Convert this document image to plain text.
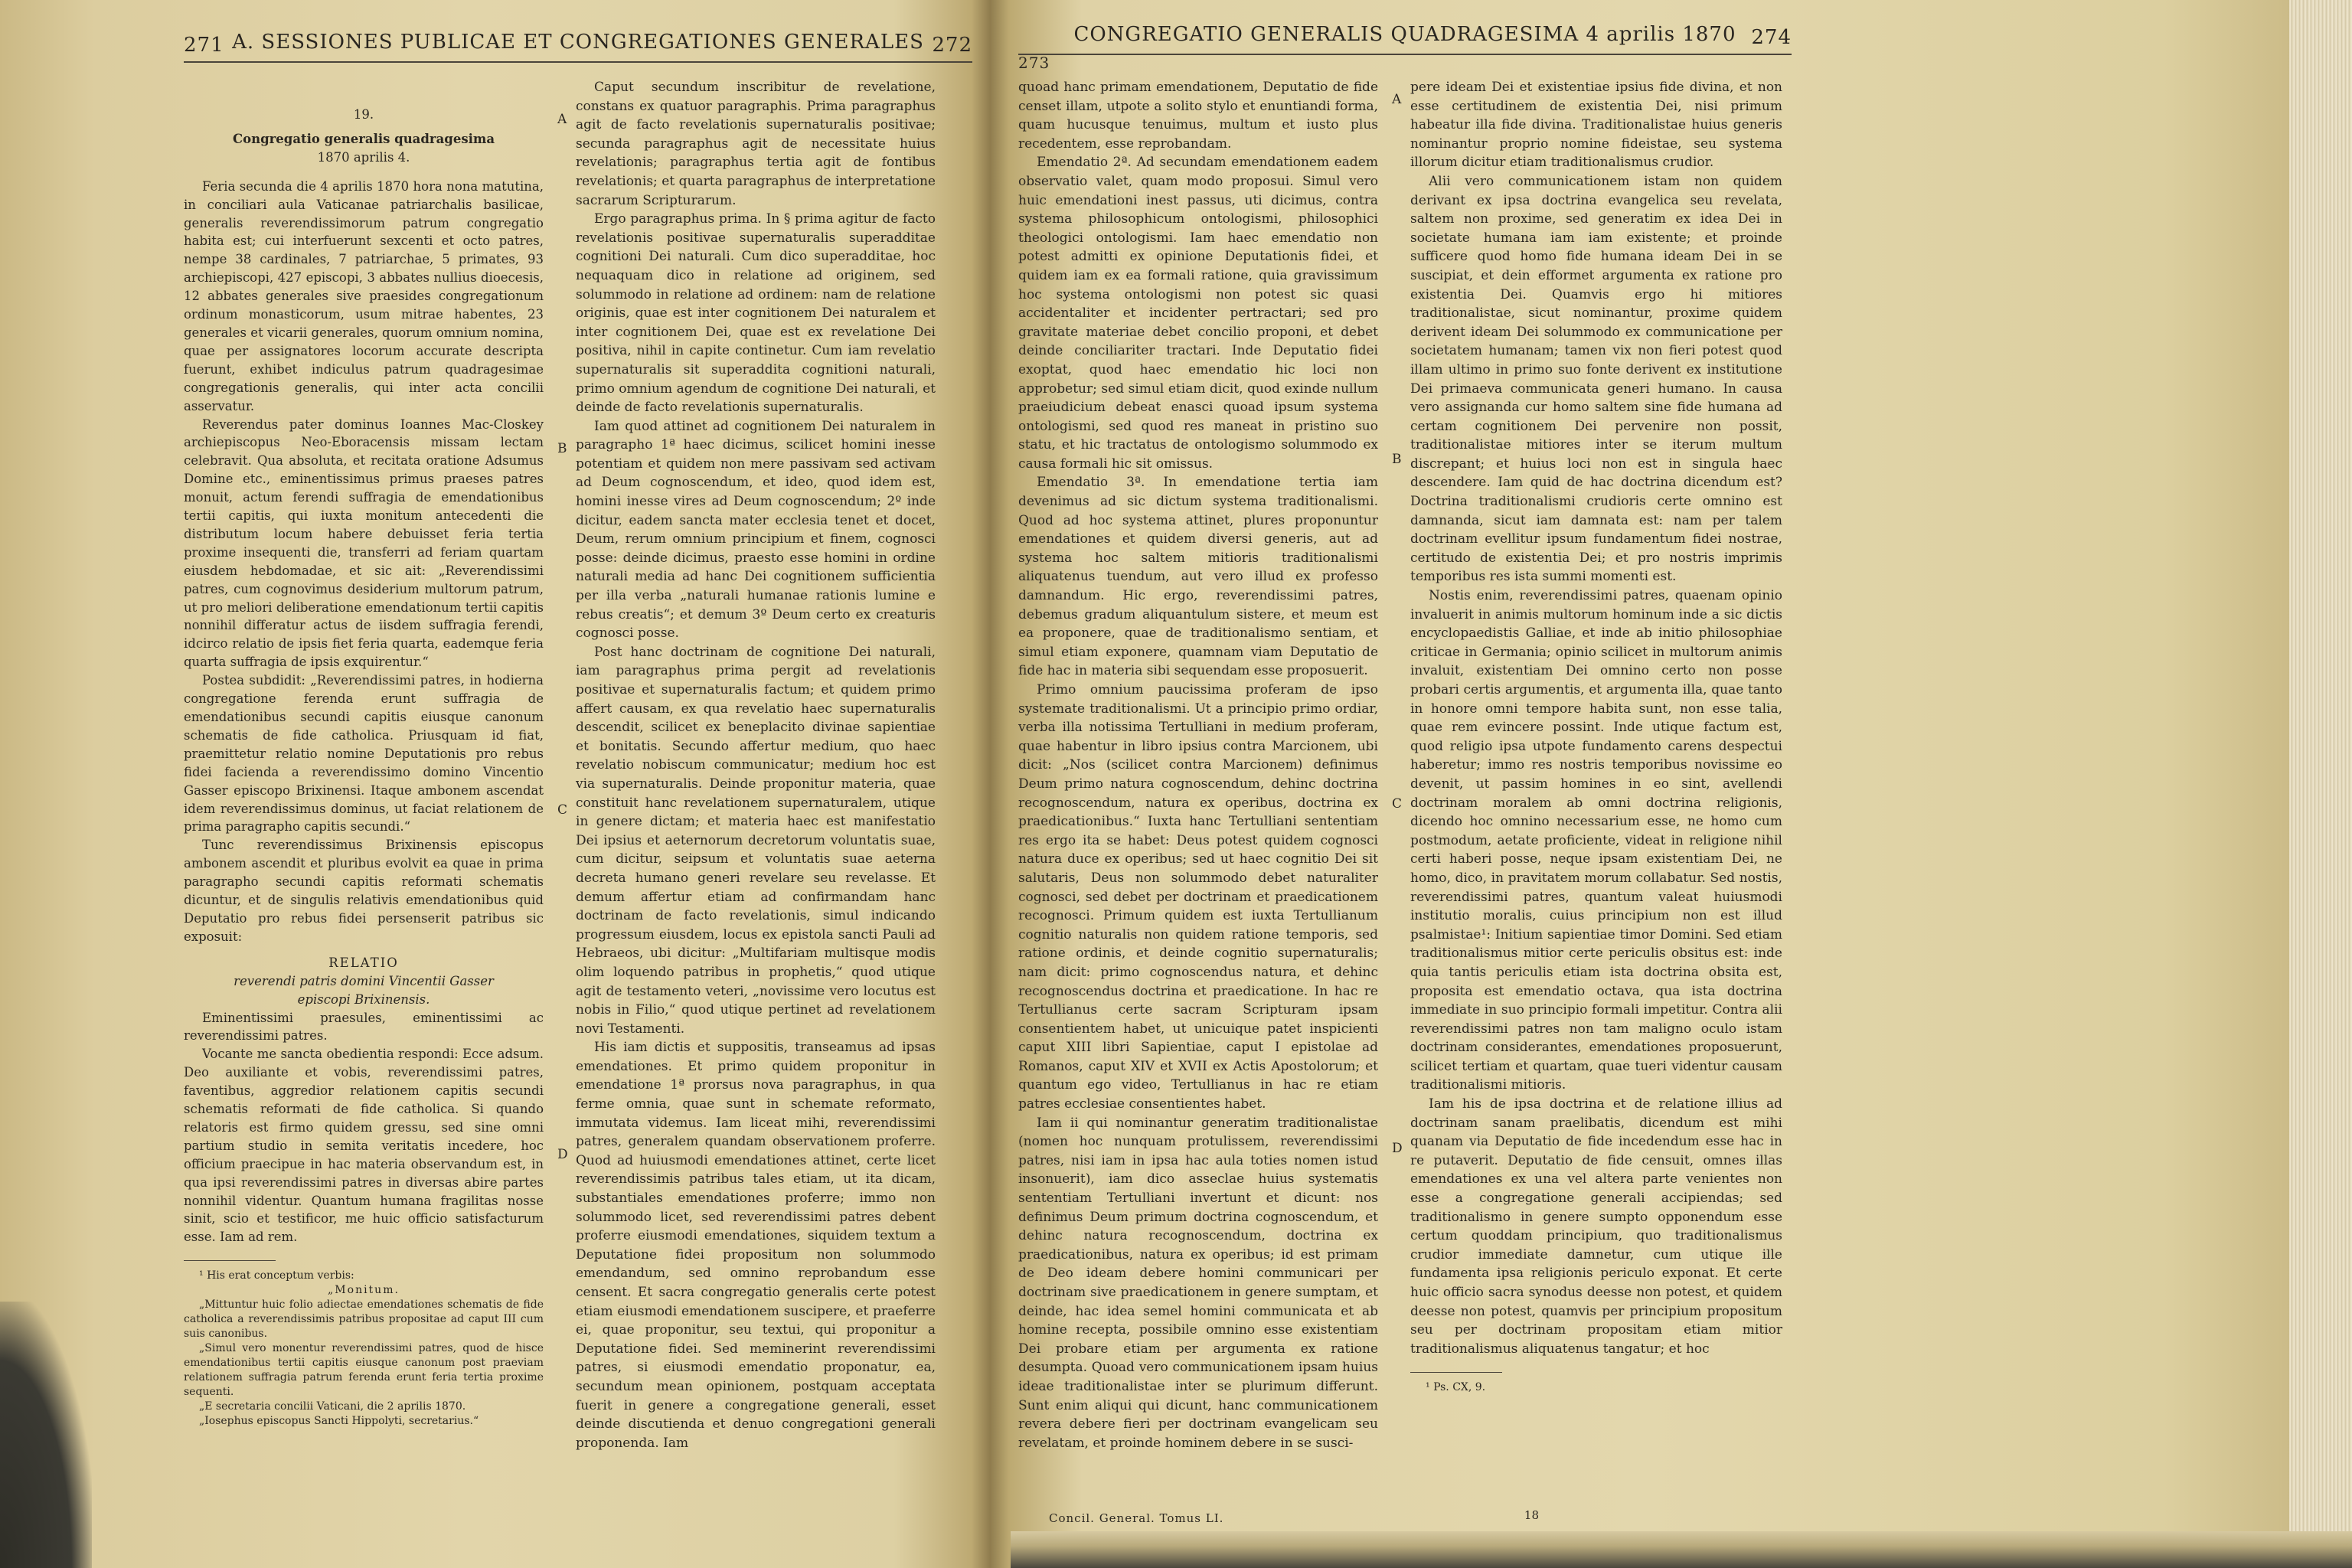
271 A. SESSIONES PUBLICAE ET CONGREGATIONES GENERALES 272
19.
Congregatio generalis quadragesima
1870 aprilis 4.

Feria secunda die 4 aprilis 1870 hora nona matutina, in conciliari aula Vaticanae patriarchalis basilicae, generalis reverendissimorum patrum congregatio habita est; cui interfuerunt sexcenti et octo patres, nempe 38 cardinales, 7 patriarchae, 5 primates, 93 archiepiscopi, 427 episcopi, 3 abbates nullius dioecesis, 12 abbates generales sive praesides congregationum ordinum monasticorum, usum mitrae habentes, 23 generales et vicarii generales, quorum omnium nomina, quae per assignatores locorum accurate descripta fuerunt, exhibet indiculus patrum quadragesimae congregationis generalis, qui inter acta concilii asservatur.

Reverendus pater dominus Ioannes Mac-Closkey archiepiscopus Neo-Eboracensis missam lectam celebravit. Qua absoluta, et recitata oratione Adsumus Domine etc., eminentissimus primus praeses patres monuit, actum ferendi suffragia de emendationibus tertii capitis, qui iuxta monitum antecedenti die distributum locum habere debuisset feria tertia proxime insequenti die, transferri ad feriam quartam eiusdem hebdomadae, et sic ait: „Reverendissimi patres, cum cognovimus desiderium multorum patrum, ut pro meliori deliberatione emendationum tertii capitis nonnihil differatur actus de iisdem suffragia ferendi, idcirco relatio de ipsis fiet feria quarta, eademque feria quarta suffragia de ipsis exquirentur.“

Postea subdidit: „Reverendissimi patres, in hodierna congregatione ferenda erunt suffragia de emendationibus secundi capitis eiusque canonum schematis de fide catholica. Priusquam id fiat, praemittetur relatio nomine Deputationis pro rebus fidei facienda a reverendissimo domino Vincentio Gasser episcopo Brixinensi. Itaque ambonem ascendat idem reverendissimus dominus, ut faciat relationem de prima paragrapho capitis secundi.“

Tunc reverendissimus Brixinensis episcopus ambonem ascendit et pluribus evolvit ea quae in prima paragrapho secundi capitis reformati schematis dicuntur, et de singulis relativis emendationibus quid Deputatio pro rebus fidei persenserit patribus sic exposuit:

RELATIO
reverendi patris domini Vincentii Gasser
episcopi Brixinensis.

Eminentissimi praesules, eminentissimi ac reverendissimi patres.

Vocante me sancta obedientia respondi: Ecce adsum. Deo auxiliante et vobis, reverendissimi patres, faventibus, aggredior relationem capitis secundi schematis reformati de fide catholica. Si quando relatoris est firmo quidem gressu, sed sine omni partium studio in semita veritatis incedere, hoc officium praecipue in hac materia observandum est, in qua ipsi reverendissimi patres in diversas abire partes nonnihil videntur. Quantum humana fragilitas nosse sinit, scio et testificor, me huic officio satisfacturum esse. Iam ad rem.

¹ His erat conceptum verbis:
„Monitum.
„Mittuntur huic folio adiectae emendationes schematis de fide catholica a reverendissimis patribus propositae ad caput III cum suis canonibus.
„Simul vero monentur reverendissimi patres, quod de hisce emendationibus tertii capitis eiusque canonum post praeviam relationem suffragia patrum ferenda erunt feria tertia proxime sequenti.
„E secretaria concilii Vaticani, die 2 aprilis 1870.
„Iosephus episcopus Sancti Hippolyti, secretarius.“

Caput secundum inscribitur de revelatione, constans ex quatuor paragraphis. Prima paragraphus agit de facto revelationis supernaturalis positivae; secunda paragraphus agit de necessitate huius revelationis; paragraphus tertia agit de fontibus revelationis; et quarta paragraphus de interpretatione sacrarum Scripturarum.

Ergo paragraphus prima. In § prima agitur de facto revelationis positivae supernaturalis superadditae cognitioni Dei naturali. Cum dico superadditae, hoc nequaquam dico in relatione ad originem, sed solummodo in relatione ad ordinem: nam de relatione originis, quae est inter cognitionem Dei naturalem et inter cognitionem Dei, quae est ex revelatione Dei positiva, nihil in capite continetur. Cum iam revelatio supernaturalis sit superaddita cognitioni naturali, primo omnium agendum de cognitione Dei naturali, et deinde de facto revelationis supernaturalis.

Iam quod attinet ad cognitionem Dei naturalem in paragrapho 1ª haec dicimus, scilicet homini inesse potentiam et quidem non mere passivam sed activam ad Deum cognoscendum, et ideo, quod idem est, homini inesse vires ad Deum cognoscendum; 2º inde dicitur, eadem sancta mater ecclesia tenet et docet, Deum, rerum omnium principium et finem, cognosci posse: deinde dicimus, praesto esse homini in ordine naturali media ad hanc Dei cognitionem sufficientia per illa verba „naturali humanae rationis lumine e rebus creatis“; et demum 3º Deum certo ex creaturis cognosci posse.

Post hanc doctrinam de cognitione Dei naturali, iam paragraphus prima pergit ad revelationis positivae et supernaturalis factum; et quidem primo affert causam, ex qua revelatio haec supernaturalis descendit, scilicet ex beneplacito divinae sapientiae et bonitatis. Secundo affertur medium, quo haec revelatio nobiscum communicatur; medium hoc est via supernaturalis. Deinde proponitur materia, quae constituit hanc revelationem supernaturalem, utique in genere dictam; et materia haec est manifestatio Dei ipsius et aeternorum decretorum voluntatis suae, cum dicitur, seipsum et voluntatis suae aeterna decreta humano generi revelare seu revelasse. Et demum affertur etiam ad confirmandam hanc doctrinam de facto revelationis, simul indicando progressum eiusdem, locus ex epistola sancti Pauli ad Hebraeos, ubi dicitur: „Multifariam multisque modis olim loquendo patribus in prophetis,“ quod utique agit de testamento veteri, „novissime vero locutus est nobis in Filio,“ quod utique pertinet ad revelationem novi Testamenti.

His iam dictis et suppositis, transeamus ad ipsas emendationes. Et primo quidem proponitur in emendatione 1ª prorsus nova paragraphus, in qua ferme omnia, quae sunt in schemate reformato, immutata videmus. Iam liceat mihi, reverendissimi patres, generalem quandam observationem proferre. Quod ad huiusmodi emendationes attinet, certe licet reverendissimis patribus tales etiam, ut ita dicam, substantiales emendationes proferre; immo non solummodo licet, sed reverendissimi patres debent proferre eiusmodi emendationes, siquidem textum a Deputatione fidei propositum non solummodo emendandum, sed omnino reprobandum esse censent. Et sacra congregatio generalis certe potest etiam eiusmodi emendationem suscipere, et praeferre ei, quae proponitur, seu textui, qui proponitur a Deputatione fidei. Sed meminerint reverendissimi patres, si eiusmodi emendatio proponatur, ea, secundum mean opinionem, postquam acceptata fuerit in genere a congregatione generali, esset deinde discutienda et denuo congregationi generali proponenda. Iam

A
B
C
D
273
CONGREGATIO GENERALIS QUADRAGESIMA 4 aprilis 1870 274

quoad hanc primam emendationem, Deputatio de fide censet illam, utpote a solito stylo et enuntiandi forma, quam hucusque tenuimus, multum et iusto plus recedentem, esse reprobandam.

Emendatio 2ª. Ad secundam emendationem eadem observatio valet, quam modo proposui. Simul vero huic emendationi inest passus, uti dicimus, contra systema philosophicum ontologismi, philosophici theologici ontologismi. Iam haec emendatio non potest admitti ex opinione Deputationis fidei, et quidem iam ex ea formali ratione, quia gravissimum hoc systema ontologismi non potest sic quasi accidentaliter et incidenter pertractari; sed pro gravitate materiae debet concilio proponi, et debet deinde conciliariter tractari. Inde Deputatio fidei exoptat, quod haec emendatio hic loci non approbetur; sed simul etiam dicit, quod exinde nullum praeiudicium debeat enasci quoad ipsum systema ontologismi, sed quod res maneat in pristino suo statu, et hic tractatus de ontologismo solummodo ex causa formali hic sit omissus.

Emendatio 3ª. In emendatione tertia iam devenimus ad sic dictum systema traditionalismi. Quod ad hoc systema attinet, plures proponuntur emendationes et quidem diversi generis, aut ad systema hoc saltem mitioris traditionalismi aliquatenus tuendum, aut vero illud ex professo damnandum. Hic ergo, reverendissimi patres, debemus gradum aliquantulum sistere, et meum est ea proponere, quae de traditionalismo sentiam, et simul etiam exponere, quamnam viam Deputatio de fide hac in materia sibi sequendam esse proposuerit.

Primo omnium paucissima proferam de ipso systemate traditionalismi. Ut a principio primo ordiar, verba illa notissima Tertulliani in medium proferam, quae habentur in libro ipsius contra Marcionem, ubi dicit: „Nos (scilicet contra Marcionem) definimus Deum primo natura cognoscendum, dehinc doctrina recognoscendum, natura ex operibus, doctrina ex praedicationibus.“ Iuxta hanc Tertulliani sententiam res ergo ita se habet: Deus potest quidem cognosci natura duce ex operibus; sed ut haec cognitio Dei sit salutaris, Deus non solummodo debet naturaliter cognosci, sed debet per doctrinam et praedicationem recognosci. Primum quidem est iuxta Tertullianum cognitio naturalis non quidem ratione temporis, sed ratione ordinis, et deinde cognitio supernaturalis; nam dicit: primo cognoscendus natura, et dehinc recognoscendus doctrina et praedicatione. In hac re Tertullianus certe sacram Scripturam ipsam consentientem habet, ut unicuique patet inspicienti caput XIII libri Sapientiae, caput I epistolae ad Romanos, caput XIV et XVII ex Actis Apostolorum; et quantum ego video, Tertullianus in hac re etiam patres ecclesiae consentientes habet.

Iam ii qui nominantur generatim traditionalistae (nomen hoc nunquam protulissem, reverendissimi patres, nisi iam in ipsa hac aula toties nomen istud insonuerit), iam dico asseclae huius systematis sententiam Tertulliani invertunt et dicunt: nos definimus Deum primum doctrina cognoscendum, et dehinc natura recognoscendum, doctrina ex praedicationibus, natura ex operibus; id est primam de Deo ideam debere homini communicari per doctrinam sive praedicationem in genere sumptam, et deinde, hac idea semel homini communicata et ab homine recepta, possibile omnino esse existentiam Dei probare etiam per argumenta ex ratione desumpta. Quoad vero communicationem ipsam huius ideae traditionalistae inter se plurimum differunt. Sunt enim aliqui qui dicunt, hanc communicationem revera debere fieri per doctrinam evangelicam seu revelatam, et proinde hominem debere in se susci-

pere ideam Dei et existentiae ipsius fide divina, et non esse certitudinem de existentia Dei, nisi primum habeatur illa fide divina. Traditionalistae huius generis nominantur proprio nomine fideistae, seu systema illorum dicitur etiam traditionalismus crudior.

Alii vero communicationem istam non quidem derivant ex ipsa doctrina evangelica seu revelata, saltem non proxime, sed generatim ex idea Dei in societate humana iam iam existente; et proinde sufficere quod homo fide humana ideam Dei in se suscipiat, et dein efformet argumenta ex ratione pro existentia Dei. Quamvis ergo hi mitiores traditionalistae, sicut nominantur, proxime quidem derivent ideam Dei solummodo ex communicatione per societatem humanam; tamen vix non fieri potest quod illam ultimo in primo suo fonte derivent ex institutione Dei primaeva communicata generi humano. In causa vero assignanda cur homo saltem sine fide humana ad certam cognitionem Dei pervenire non possit, traditionalistae mitiores inter se iterum multum discrepant; et huius loci non est in singula haec descendere. Iam quid de hac doctrina dicendum est? Doctrina traditionalismi crudioris certe omnino est damnanda, sicut iam damnata est: nam per talem doctrinam evellitur ipsum fundamentum fidei nostrae, certitudo de existentia Dei; et pro nostris imprimis temporibus res ista summi momenti est.

Nostis enim, reverendissimi patres, quaenam opinio invaluerit in animis multorum hominum inde a sic dictis encyclopaedistis Galliae, et inde ab initio philosophiae criticae in Germania; opinio scilicet in multorum animis invaluit, existentiam Dei omnino certo non posse probari certis argumentis, et argumenta illa, quae tanto in honore omni tempore habita sunt, non esse talia, quae rem evincere possint. Inde utique factum est, quod religio ipsa utpote fundamento carens despectui haberetur; immo res nostris temporibus novissime eo devenit, ut passim homines in eo sint, avellendi doctrinam moralem ab omni doctrina religionis, dicendo hoc omnino necessarium esse, ne homo cum postmodum, aetate proficiente, videat in religione nihil certi haberi posse, neque ipsam existentiam Dei, ne homo, dico, in pravitatem morum collabatur. Sed nostis, reverendissimi patres, quantum valeat huiusmodi institutio moralis, cuius principium non est illud psalmistae¹: Initium sapientiae timor Domini. Sed etiam traditionalismus mitior certe periculis obsitus est: inde quia tantis periculis etiam ista doctrina obsita est, proposita est emendatio octava, qua ista doctrina immediate in suo principio formali impetitur. Contra alii reverendissimi patres non tam maligno oculo istam doctrinam considerantes, emendationes proposuerunt, scilicet tertiam et quartam, quae tueri videntur causam traditionalismi mitioris.

Iam his de ipsa doctrina et de relatione illius ad doctrinam sanam praelibatis, dicendum est mihi quanam via Deputatio de fide incedendum esse hac in re putaverit. Deputatio de fide censuit, omnes illas emendationes ex una vel altera parte venientes non esse a congregatione generali accipiendas; sed traditionalismo in genere sumpto opponendum esse certum quoddam principium, quo traditionalismus crudior immediate damnetur, cum utique ille fundamenta ipsa religionis periculo exponat. Et certe huic officio sacra synodus deesse non potest, et quidem deesse non potest, quamvis per principium propositum seu per doctrinam propositam etiam mitior traditionalismus aliquatenus tangatur; et hoc

¹ Ps. CX, 9.
A
B
C
D
Concil. General. Tomus LI.	18
